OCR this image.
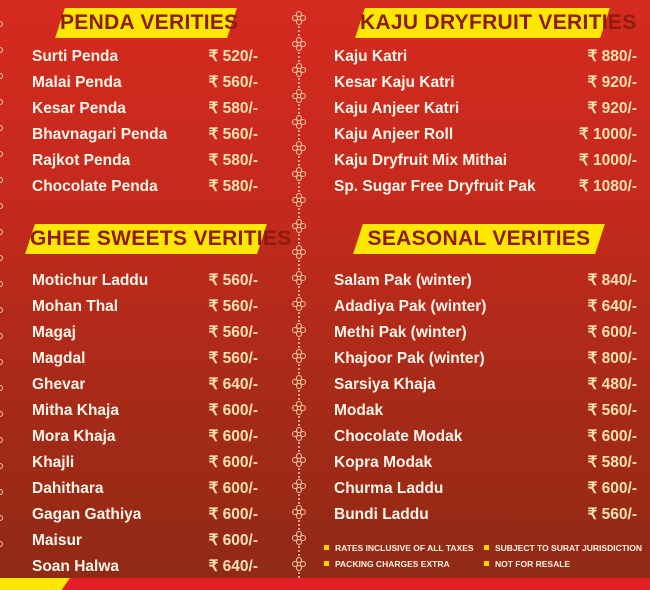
PENDA VERITIES
Surti Penda	₹ 520/-
Malai Penda	₹ 560/-
Kesar Penda	₹ 580/-
Bhavnagari Penda	₹ 560/-
Rajkot Penda	₹ 580/-
Chocolate Penda	₹ 580/-
KAJU DRYFRUIT VERITIES
Kaju Katri	₹ 880/-
Kesar Kaju Katri	₹ 920/-
Kaju Anjeer Katri	₹ 920/-
Kaju Anjeer Roll	₹ 1000/-
Kaju Dryfruit Mix Mithai	₹ 1000/-
Sp. Sugar Free Dryfruit Pak	₹ 1080/-
GHEE SWEETS VERITIES
Motichur Laddu	₹ 560/-
Mohan Thal	₹ 560/-
Magaj	₹ 560/-
Magdal	₹ 560/-
Ghevar	₹ 640/-
Mitha Khaja	₹ 600/-
Mora Khaja	₹ 600/-
Khajli	₹ 600/-
Dahithara	₹ 600/-
Gagan Gathiya	₹ 600/-
Maisur	₹ 600/-
Soan Halwa	₹ 640/-
SEASONAL VERITIES
Salam Pak (winter)	₹ 840/-
Adadiya Pak (winter)	₹ 640/-
Methi Pak (winter)	₹ 600/-
Khajoor Pak (winter)	₹ 800/-
Sarsiya Khaja	₹ 480/-
Modak	₹ 560/-
Chocolate Modak	₹ 600/-
Kopra Modak	₹ 580/-
Churma Laddu	₹ 600/-
Bundi Laddu	₹ 560/-
RATES INCLUSIVE OF ALL TAXES	SUBJECT TO SURAT JURISDICTION
PACKING CHARGES EXTRA	NOT FOR RESALE
